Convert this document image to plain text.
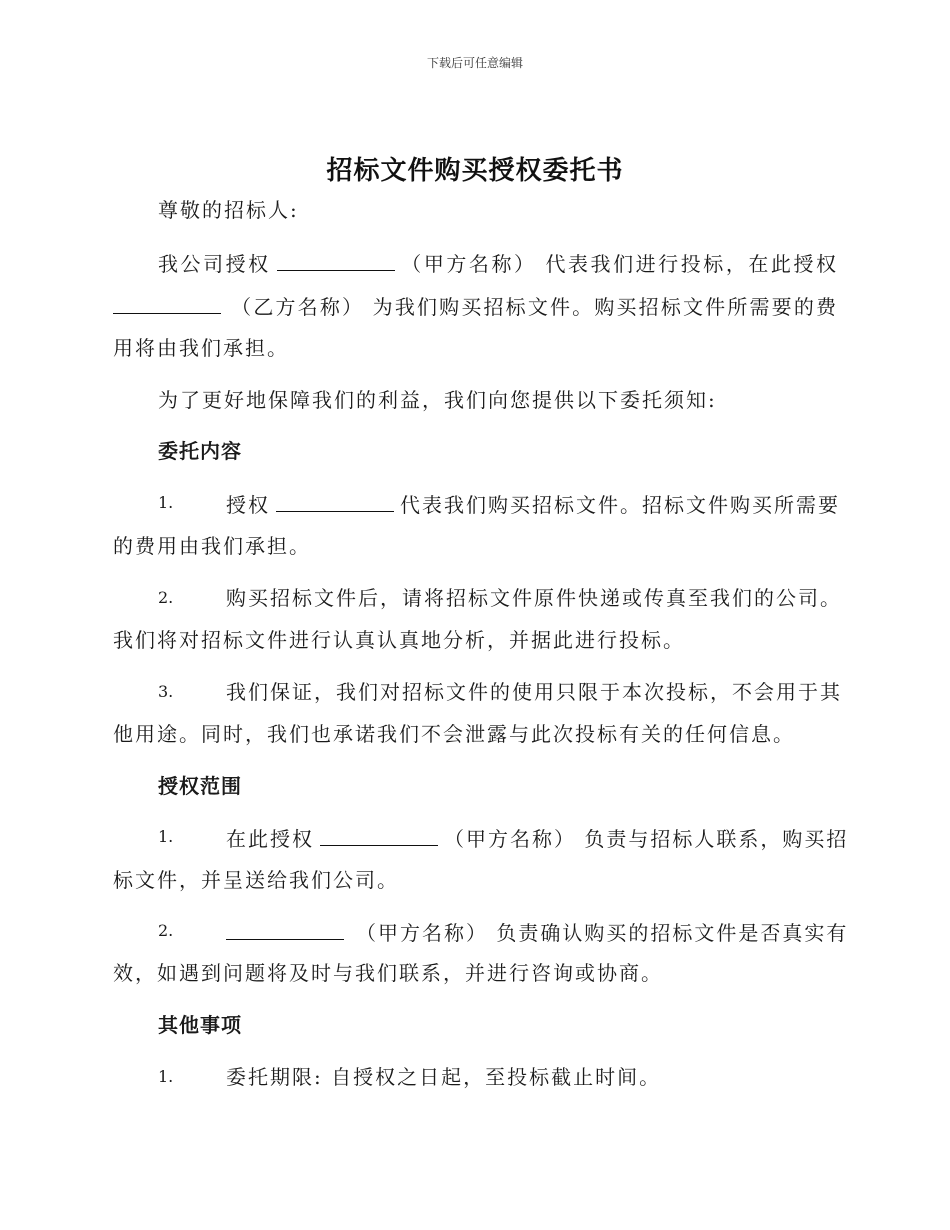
下载后可任意编辑
招标文件购买授权委托书
尊敬的招标人:
我公司授权	（甲方名称） 代表我们进行投标，在此授权
（乙方名称） 为我们购买招标文件。购买招标文件所需要的费
用将由我们承担。
为了更好地保障我们的利益，我们向您提供以下委托须知:
委托内容
1.	授权	代表我们购买招标文件。招标文件购买所需要
的费用由我们承担。
2.	购买招标文件后，请将招标文件原件快递或传真至我们的公司。
我们将对招标文件进行认真认真地分析，并据此进行投标。
3.	我们保证，我们对招标文件的使用只限于本次投标，不会用于其
他用途。同时，我们也承诺我们不会泄露与此次投标有关的任何信息。
授权范围
1.	在此授权	（甲方名称） 负责与招标人联系，购买招
标文件，并呈送给我们公司。
2.	（甲方名称） 负责确认购买的招标文件是否真实有
效，如遇到问题将及时与我们联系，并进行咨询或协商。
其他事项
1.	委托期限: 自授权之日起，至投标截止时间。
